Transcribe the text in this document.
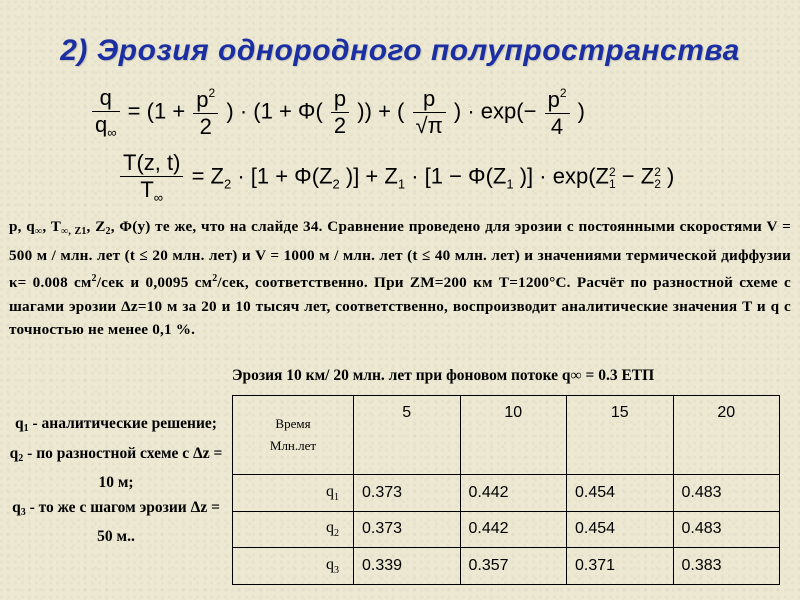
2) Эрозия однородного полупространства
$\frac{q}{q_\infty} = (1 + \frac{p^2}{2}$ ) · ($1 + \Phi( \frac{p}{2}$ )) + ( $\frac{p}{√\pi}$ ) · $\exp(- \frac{p^2}{4}$ )
$\frac{T(z, t)}{T_\infty} = Z_2 \cdot [1 + \Phi(Z_2$ )] + $Z_1 \cdot [1 - \Phi(Z_1$ )] · exp(Z 2
1 − Z 2
2 )
р, q∞, T∞, Z1, Z2, Φ(y) те же, что на слайде 34. Сравнение проведено для эрозии с постоянными скоростями V = 500 м / млн. лет (t ≤ 20 млн. лет) и V = 1000 м / млн. лет (t ≤ 40 млн. лет) и значениями термической диффузии κ= 0.008 $см^2$/сек и 0,0095 $см^2$/сек, соответственно. При ZM=200 км T=1200°С. Расчёт по разностной схеме с шагами эрозии Δz=10 м за 20 и 10 тысяч лет, соответственно, воспроизводит аналитические значения T и q с точностью не менее 0,1 %.
Эрозия 10 км/ 20 млн. лет при фоновом потоке q∞ = 0.3 ЕТП
q1 - аналитические решение;
q2 - по разностной схеме с Δz = 10 м;
q3 - то же с шагом эрозии Δz = 50 м..
Время
Млн.лет	5	10	15	20
$q_1$	0.373	0.442	0.454	0.483
$q_2$	0.373	0.442	0.454	0.483
$q_3$	0.339	0.357	0.371	0.383
